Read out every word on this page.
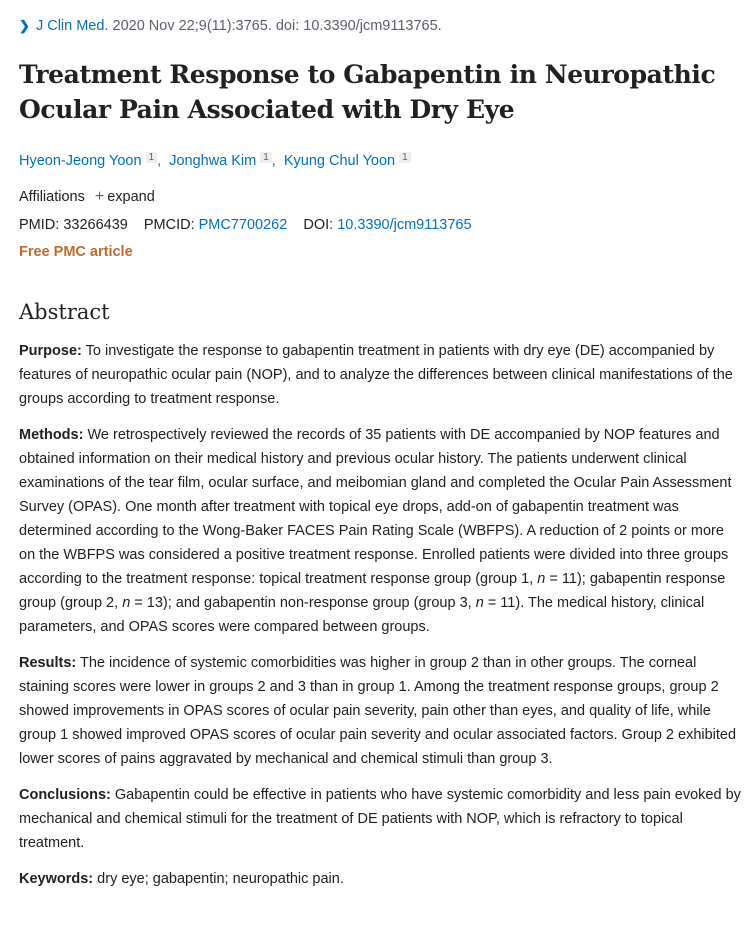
❯ J Clin Med. 2020 Nov 22;9(11):3765. doi: 10.3390/jcm9113765.
Treatment Response to Gabapentin in Neuropathic
Ocular Pain Associated with Dry Eye
Hyeon-Jeong Yoon $^1$ , Jonghwa Kim $^1$ , Kyung Chul Yoon $^1$
Affiliations + expand
PMID: 33266439 PMCID: PMC7700262 DOI: 10.3390/jcm9113765
Free PMC article
Abstract
Purpose: To investigate the response to gabapentin treatment in patients with dry eye (DE) accompanied by features of neuropathic ocular pain (NOP), and to analyze the differences between clinical manifestations of the groups according to treatment response.
Methods: We retrospectively reviewed the records of 35 patients with DE accompanied by NOP features and obtained information on their medical history and previous ocular history. The patients underwent clinical examinations of the tear film, ocular surface, and meibomian gland and completed the Ocular Pain Assessment Survey (OPAS). One month after treatment with topical eye drops, add-on of gabapentin treatment was determined according to the Wong-Baker FACES Pain Rating Scale (WBFPS). A reduction of 2 points or more on the WBFPS was considered a positive treatment response. Enrolled patients were divided into three groups according to the treatment response: topical treatment response group (group 1, n = 11); gabapentin response group (group 2, n = 13); and gabapentin non-response group (group 3, n = 11). The medical history, clinical parameters, and OPAS scores were compared between groups.
Results: The incidence of systemic comorbidities was higher in group 2 than in other groups. The corneal staining scores were lower in groups 2 and 3 than in group 1. Among the treatment response groups, group 2 showed improvements in OPAS scores of ocular pain severity, pain other than eyes, and quality of life, while group 1 showed improved OPAS scores of ocular pain severity and ocular associated factors. Group 2 exhibited lower scores of pains aggravated by mechanical and chemical stimuli than group 3.
Conclusions: Gabapentin could be effective in patients who have systemic comorbidity and less pain evoked by mechanical and chemical stimuli for the treatment of DE patients with NOP, which is refractory to topical treatment.
Keywords: dry eye; gabapentin; neuropathic pain.
